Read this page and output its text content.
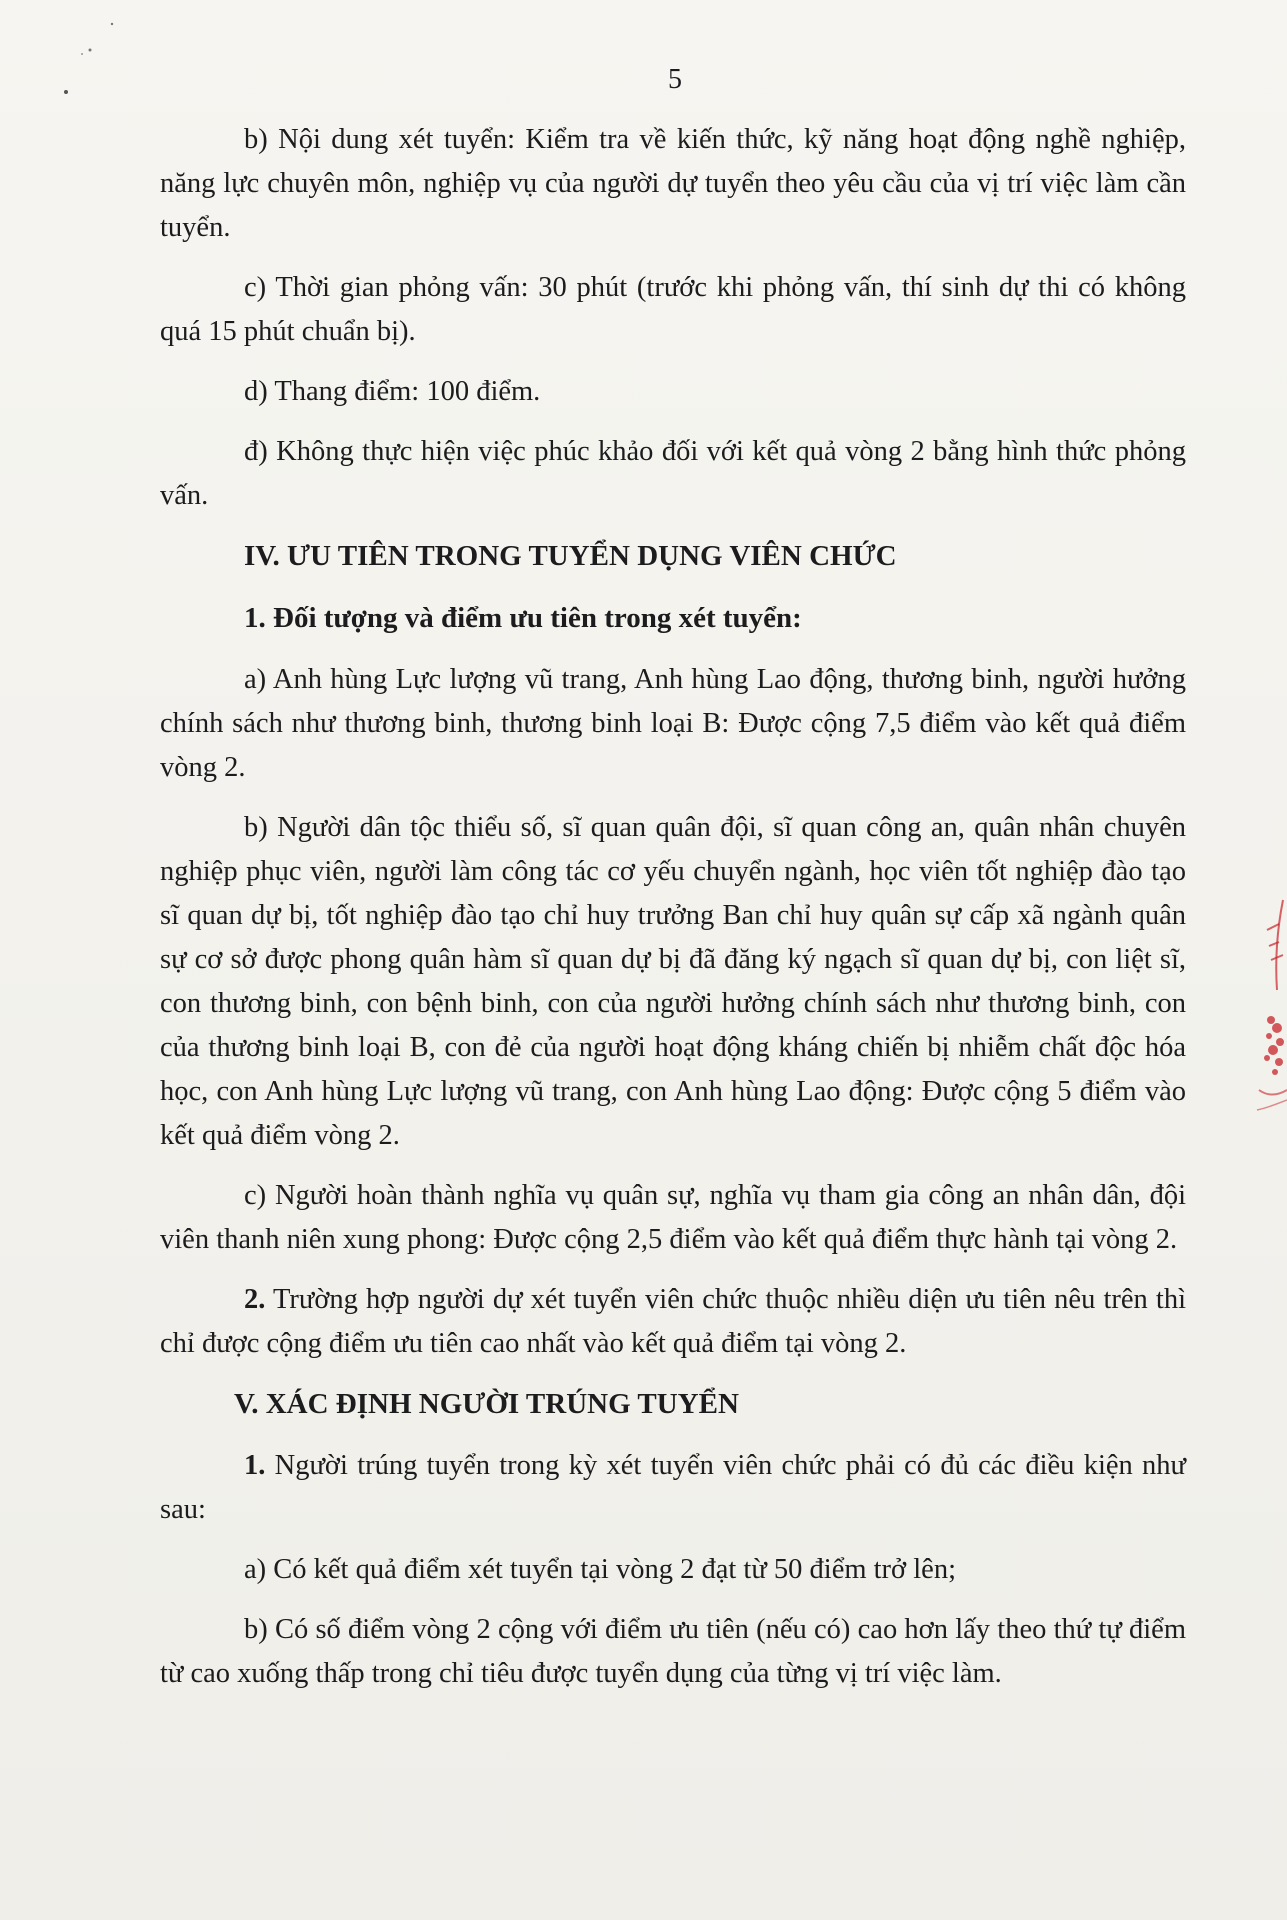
5

b) Nội dung xét tuyển: Kiểm tra về kiến thức, kỹ năng hoạt động nghề nghiệp, năng lực chuyên môn, nghiệp vụ của người dự tuyển theo yêu cầu của vị trí việc làm cần tuyển.

c) Thời gian phỏng vấn: 30 phút (trước khi phỏng vấn, thí sinh dự thi có không quá 15 phút chuẩn bị).

d) Thang điểm: 100 điểm.

đ) Không thực hiện việc phúc khảo đối với kết quả vòng 2 bằng hình thức phỏng vấn.

IV. ƯU TIÊN TRONG TUYỂN DỤNG VIÊN CHỨC
1. Đối tượng và điểm ưu tiên trong xét tuyển:

a) Anh hùng Lực lượng vũ trang, Anh hùng Lao động, thương binh, người hưởng chính sách như thương binh, thương binh loại B: Được cộng 7,5 điểm vào kết quả điểm vòng 2.

b) Người dân tộc thiểu số, sĩ quan quân đội, sĩ quan công an, quân nhân chuyên nghiệp phục viên, người làm công tác cơ yếu chuyển ngành, học viên tốt nghiệp đào tạo sĩ quan dự bị, tốt nghiệp đào tạo chỉ huy trưởng Ban chỉ huy quân sự cấp xã ngành quân sự cơ sở được phong quân hàm sĩ quan dự bị đã đăng ký ngạch sĩ quan dự bị, con liệt sĩ, con thương binh, con bệnh binh, con của người hưởng chính sách như thương binh, con của thương binh loại B, con đẻ của người hoạt động kháng chiến bị nhiễm chất độc hóa học, con Anh hùng Lực lượng vũ trang, con Anh hùng Lao động: Được cộng 5 điểm vào kết quả điểm vòng 2.

c) Người hoàn thành nghĩa vụ quân sự, nghĩa vụ tham gia công an nhân dân, đội viên thanh niên xung phong: Được cộng 2,5 điểm vào kết quả điểm thực hành tại vòng 2.

2. Trường hợp người dự xét tuyển viên chức thuộc nhiều diện ưu tiên nêu trên thì chỉ được cộng điểm ưu tiên cao nhất vào kết quả điểm tại vòng 2.

V. XÁC ĐỊNH NGƯỜI TRÚNG TUYỂN

1. Người trúng tuyển trong kỳ xét tuyển viên chức phải có đủ các điều kiện như sau:

a) Có kết quả điểm xét tuyển tại vòng 2 đạt từ 50 điểm trở lên;

b) Có số điểm vòng 2 cộng với điểm ưu tiên (nếu có) cao hơn lấy theo thứ tự điểm từ cao xuống thấp trong chỉ tiêu được tuyển dụng của từng vị trí việc làm.
